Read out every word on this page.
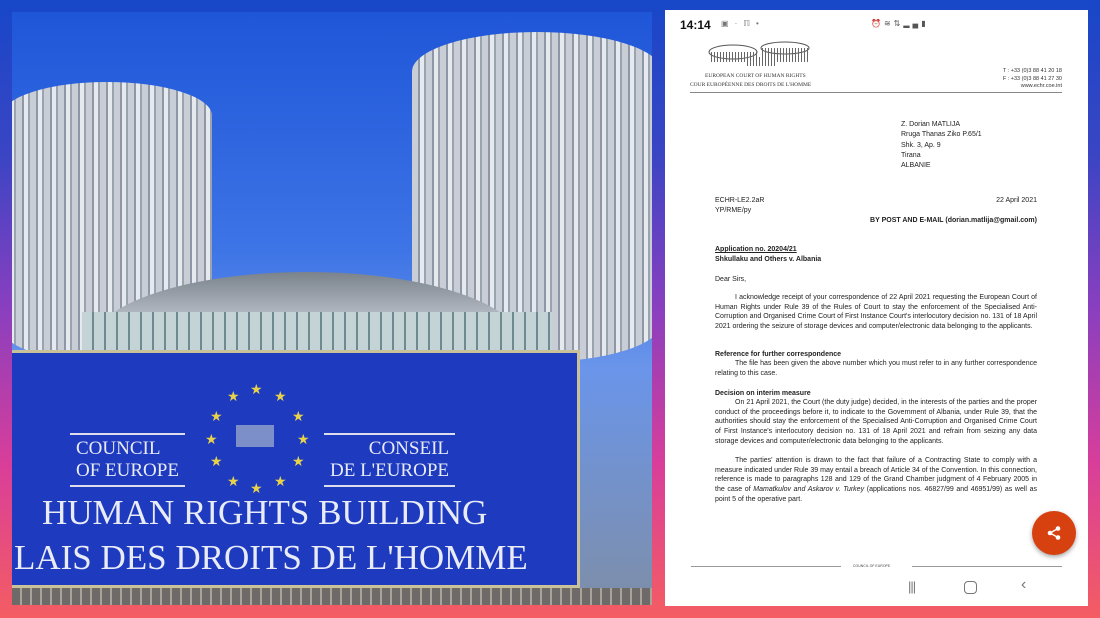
COUNCIL
OF EUROPE
CONSEIL
DE L'EUROPE
★
★ ★
★	★
★	★
★	★
★ ★
★
HUMAN RIGHTS BUILDING
LAIS DES DROITS DE L'HOMME
14:14 ▣·ℿ•	⏰≋⇅▂▄▮
EUROPEAN COURT OF HUMAN RIGHTS
COUR EUROPÉENNE DES DROITS DE L'HOMME
T : +33 (0)3 88 41 20 18
F : +33 (0)3 88 41 27 30
www.echr.coe.int
Z. Dorian MATLIJA
Rruga Thanas Ziko P.65/1
Shk. 3, Ap. 9
Tirana
ALBANIE
ECHR-LE2.2aR
YP/RME/py
22 April 2021
BY POST AND E-MAIL (dorian.matlija@gmail.com)
Application no. 20204/21
Shkullaku and Others v. Albania
Dear Sirs,
I acknowledge receipt of your correspondence of 22 April 2021 requesting the European Court of Human Rights under Rule 39 of the Rules of Court to stay the enforcement of the Specialised Anti-Corruption and Organised Crime Court of First Instance Court's interlocutory decision no. 131 of 18 April 2021 ordering the seizure of storage devices and computer/electronic data belonging to the applicants.
Reference for further correspondence
The file has been given the above number which you must refer to in any further correspondence relating to this case.
Decision on interim measure
On 21 April 2021, the Court (the duty judge) decided, in the interests of the parties and the proper conduct of the proceedings before it, to indicate to the Government of Albania, under Rule 39, that the authorities should stay the enforcement of the Specialised Anti-Corruption and Organised Crime Court of First Instance's interlocutory decision no. 131 of 18 April 2021 and refrain from seizing any data storage devices and computer/electronic data belonging to the applicants.
The parties' attention is drawn to the fact that failure of a Contracting State to comply with a measure indicated under Rule 39 may entail a breach of Article 34 of the Convention. In this connection, reference is made to paragraphs 128 and 129 of the Grand Chamber judgment of 4 February 2005 in the case of Mamatkulov and Askarov v. Turkey (applications nos. 46827/99 and 46951/99) as well as point 5 of the operative part.
COUNCIL OF EUROPE
|||	‹
